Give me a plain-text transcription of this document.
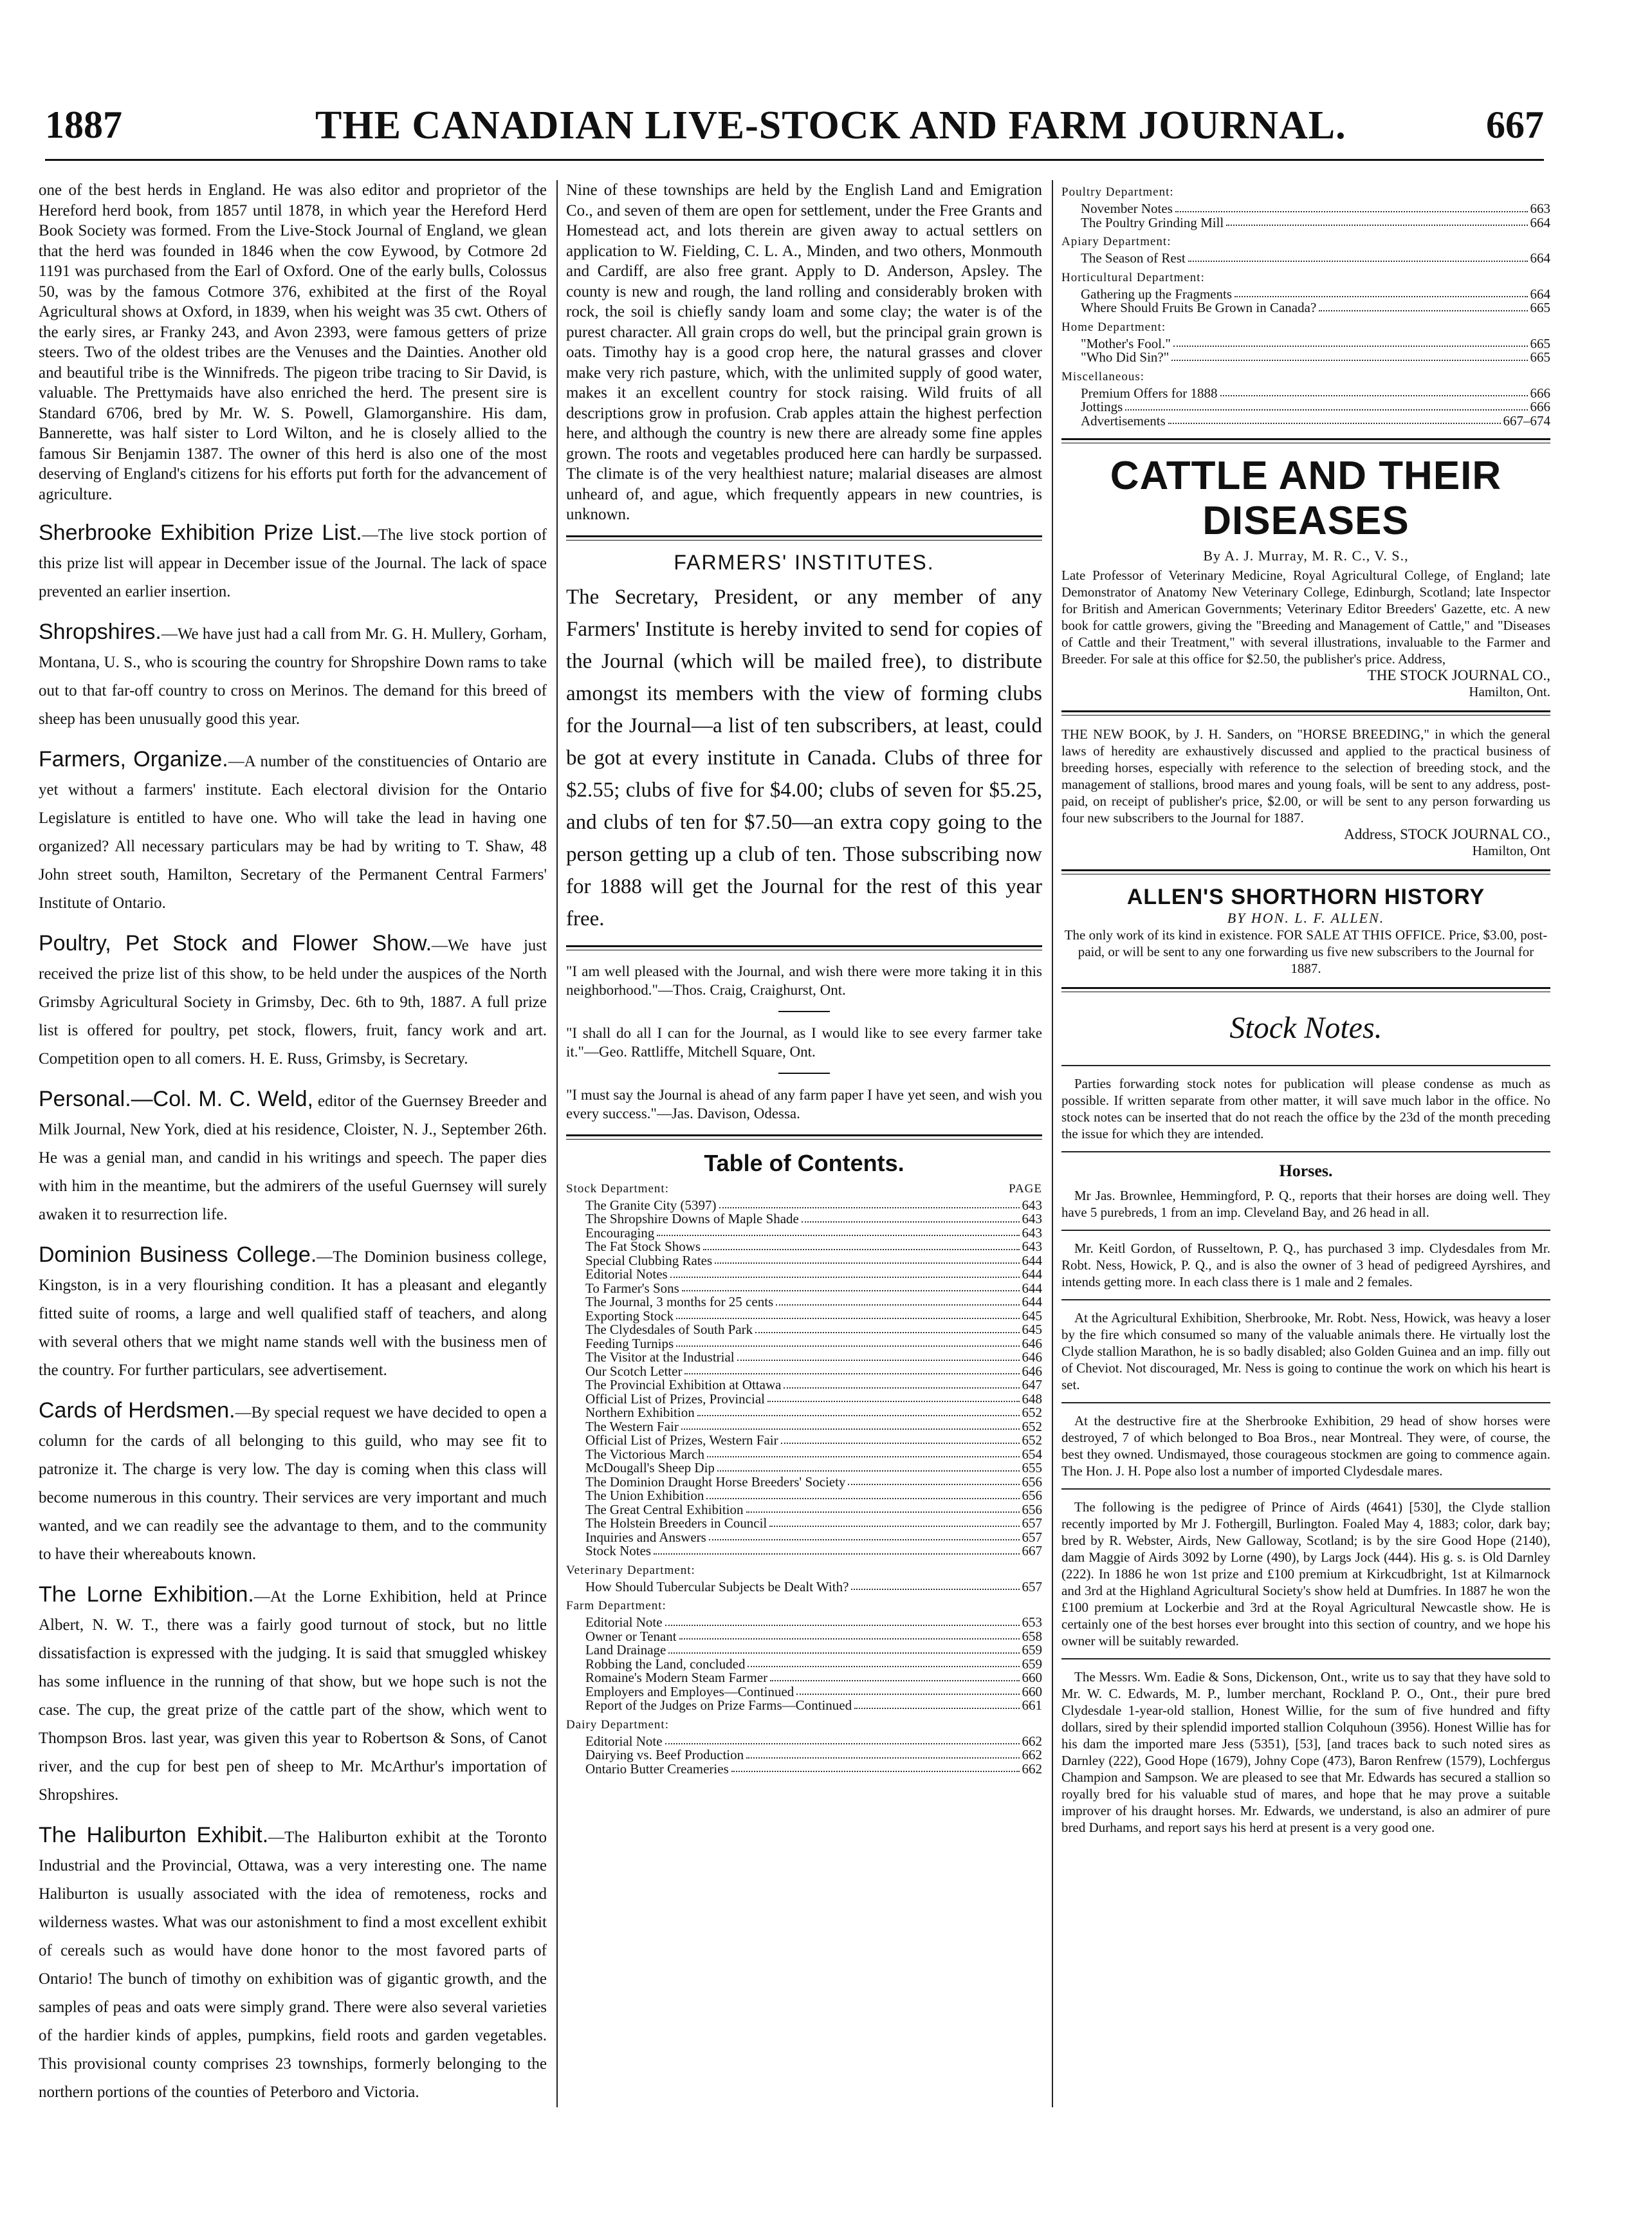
1887	THE CANADIAN LIVE-STOCK AND FARM JOURNAL.	667

one of the best herds in England. He was also editor and proprietor of the Hereford herd book, from 1857 until 1878, in which year the Hereford Herd Book Society was formed. From the Live-Stock Journal of England, we glean that the herd was founded in 1846 when the cow Eywood, by Cotmore 2d 1191 was purchased from the Earl of Oxford. One of the early bulls, Colossus 50, was by the famous Cotmore 376, exhibited at the first of the Royal Agricultural shows at Oxford, in 1839, when his weight was 35 cwt. Others of the early sires, ar Franky 243, and Avon 2393, were famous getters of prize steers. Two of the oldest tribes are the Venuses and the Dainties. Another old and beautiful tribe is the Winnifreds. The pigeon tribe tracing to Sir David, is valuable. The Prettymaids have also enriched the herd. The present sire is Standard 6706, bred by Mr. W. S. Powell, Glamorganshire. His dam, Bannerette, was half sister to Lord Wilton, and he is closely allied to the famous Sir Benjamin 1387. The owner of this herd is also one of the most deserving of England's citizens for his efforts put forth for the advancement of agriculture.

Sherbrooke Exhibition Prize List.—The live stock portion of this prize list will appear in December issue of the Journal. The lack of space prevented an earlier insertion.

Shropshires.—We have just had a call from Mr. G. H. Mullery, Gorham, Montana, U. S., who is scouring the country for Shropshire Down rams to take out to that far-off country to cross on Merinos. The demand for this breed of sheep has been unusually good this year.

Farmers, Organize.—A number of the constituencies of Ontario are yet without a farmers' institute. Each electoral division for the Ontario Legislature is entitled to have one. Who will take the lead in having one organized? All necessary particulars may be had by writing to T. Shaw, 48 John street south, Hamilton, Secretary of the Permanent Central Farmers' Institute of Ontario.

Poultry, Pet Stock and Flower Show.—We have just received the prize list of this show, to be held under the auspices of the North Grimsby Agricultural Society in Grimsby, Dec. 6th to 9th, 1887. A full prize list is offered for poultry, pet stock, flowers, fruit, fancy work and art. Competition open to all comers. H. E. Russ, Grimsby, is Secretary.

Personal.—Col. M. C. Weld, editor of the Guernsey Breeder and Milk Journal, New York, died at his residence, Cloister, N. J., September 26th. He was a genial man, and candid in his writings and speech. The paper dies with him in the meantime, but the admirers of the useful Guernsey will surely awaken it to resurrection life.

Dominion Business College.—The Dominion business college, Kingston, is in a very flourishing condition. It has a pleasant and elegantly fitted suite of rooms, a large and well qualified staff of teachers, and along with several others that we might name stands well with the business men of the country. For further particulars, see advertisement.

Cards of Herdsmen.—By special request we have decided to open a column for the cards of all belonging to this guild, who may see fit to patronize it. The charge is very low. The day is coming when this class will become numerous in this country. Their services are very important and much wanted, and we can readily see the advantage to them, and to the community to have their whereabouts known.

The Lorne Exhibition.—At the Lorne Exhibition, held at Prince Albert, N. W. T., there was a fairly good turnout of stock, but no little dissatisfaction is expressed with the judging. It is said that smuggled whiskey has some influence in the running of that show, but we hope such is not the case. The cup, the great prize of the cattle part of the show, which went to Thompson Bros. last year, was given this year to Robertson & Sons, of Canot river, and the cup for best pen of sheep to Mr. McArthur's importation of Shropshires.

The Haliburton Exhibit.—The Haliburton exhibit at the Toronto Industrial and the Provincial, Ottawa, was a very interesting one. The name Haliburton is usually associated with the idea of remoteness, rocks and wilderness wastes. What was our astonishment to find a most excellent exhibit of cereals such as would have done honor to the most favored parts of Ontario! The bunch of timothy on exhibition was of gigantic growth, and the samples of peas and oats were simply grand. There were also several varieties of the hardier kinds of apples, pumpkins, field roots and garden vegetables. This provisional county comprises 23 townships, formerly belonging to the northern portions of the counties of Peterboro and Victoria.

Nine of these townships are held by the English Land and Emigration Co., and seven of them are open for settlement, under the Free Grants and Homestead act, and lots therein are given away to actual settlers on application to W. Fielding, C. L. A., Minden, and two others, Monmouth and Cardiff, are also free grant. Apply to D. Anderson, Apsley. The county is new and rough, the land rolling and considerably broken with rock, the soil is chiefly sandy loam and some clay; the water is of the purest character. All grain crops do well, but the principal grain grown is oats. Timothy hay is a good crop here, the natural grasses and clover make very rich pasture, which, with the unlimited supply of good water, makes it an excellent country for stock raising. Wild fruits of all descriptions grow in profusion. Crab apples attain the highest perfection here, and although the country is new there are already some fine apples grown. The roots and vegetables produced here can hardly be surpassed. The climate is of the very healthiest nature; malarial diseases are almost unheard of, and ague, which frequently appears in new countries, is unknown.

FARMERS' INSTITUTES.

The Secretary, President, or any member of any Farmers' Institute is hereby invited to send for copies of the Journal (which will be mailed free), to distribute amongst its members with the view of forming clubs for the Journal—a list of ten subscribers, at least, could be got at every institute in Canada. Clubs of three for $2.55; clubs of five for $4.00; clubs of seven for $5.25, and clubs of ten for $7.50—an extra copy going to the person getting up a club of ten. Those subscribing now for 1888 will get the Journal for the rest of this year free.

"I am well pleased with the Journal, and wish there were more taking it in this neighborhood."—Thos. Craig, Craighurst, Ont.

"I shall do all I can for the Journal, as I would like to see every farmer take it."—Geo. Rattliffe, Mitchell Square, Ont.

"I must say the Journal is ahead of any farm paper I have yet seen, and wish you every success."—Jas. Davison, Odessa.

Table of Contents.
Stock Department:	PAGE
The Granite City (5397)	643
The Shropshire Downs of Maple Shade	643
Encouraging	643
The Fat Stock Shows	643
Special Clubbing Rates	644
Editorial Notes	644
To Farmer's Sons	644
The Journal, 3 months for 25 cents	644
Exporting Stock	645
The Clydesdales of South Park	645
Feeding Turnips	646
The Visitor at the Industrial	646
Our Scotch Letter	646
The Provincial Exhibition at Ottawa	647
Official List of Prizes, Provincial	648
Northern Exhibition	652
The Western Fair	652
Official List of Prizes, Western Fair	652
The Victorious March	654
McDougall's Sheep Dip	655
The Dominion Draught Horse Breeders' Society	656
The Union Exhibition	656
The Great Central Exhibition	656
The Holstein Breeders in Council	657
Inquiries and Answers	657
Stock Notes	667
Veterinary Department:
How Should Tubercular Subjects be Dealt With?	657
Farm Department:
Editorial Note	653
Owner or Tenant	658
Land Drainage	659
Robbing the Land, concluded	659
Romaine's Modern Steam Farmer	660
Employers and Employes—Continued	660
Report of the Judges on Prize Farms—Continued	661
Dairy Department:
Editorial Note	662
Dairying vs. Beef Production	662
Ontario Butter Creameries	662
Poultry Department:
November Notes	663
The Poultry Grinding Mill	664
Apiary Department:
The Season of Rest	664
Horticultural Department:
Gathering up the Fragments	664
Where Should Fruits Be Grown in Canada?	665
Home Department:
"Mother's Fool."	665
"Who Did Sin?"	665
Miscellaneous:
Premium Offers for 1888	666
Jottings	666
Advertisements	667–674
CATTLE AND THEIR DISEASES
By A. J. Murray, M. R. C., V. S.,

Late Professor of Veterinary Medicine, Royal Agricultural College, of England; late Demonstrator of Anatomy New Veterinary College, Edinburgh, Scotland; late Inspector for British and American Governments; Veterinary Editor Breeders' Gazette, etc. A new book for cattle growers, giving the "Breeding and Management of Cattle," and "Diseases of Cattle and their Treatment," with several illustrations, invaluable to the Farmer and Breeder. For sale at this office for $2.50, the publisher's price. Address,

THE STOCK JOURNAL CO.,
Hamilton, Ont.

THE NEW BOOK, by J. H. Sanders, on "HORSE BREEDING," in which the general laws of heredity are exhaustively discussed and applied to the practical business of breeding horses, especially with reference to the selection of breeding stock, and the management of stallions, brood mares and young foals, will be sent to any address, post-paid, on receipt of publisher's price, $2.00, or will be sent to any person forwarding us four new subscribers to the Journal for 1887.

Address, STOCK JOURNAL CO.,
Hamilton, Ont
ALLEN'S SHORTHORN HISTORY
BY HON. L. F. ALLEN.

The only work of its kind in existence. FOR SALE AT THIS OFFICE. Price, $3.00, post-paid, or will be sent to any one forwarding us five new subscribers to the Journal for 1887.

Stock Notes.

Parties forwarding stock notes for publication will please condense as much as possible. If written separate from other matter, it will save much labor in the office. No stock notes can be inserted that do not reach the office by the 23d of the month preceding the issue for which they are intended.

Horses.

Mr Jas. Brownlee, Hemmingford, P. Q., reports that their horses are doing well. They have 5 purebreds, 1 from an imp. Cleveland Bay, and 26 head in all.

Mr. Keitl Gordon, of Russeltown, P. Q., has purchased 3 imp. Clydesdales from Mr. Robt. Ness, Howick, P. Q., and is also the owner of 3 head of pedigreed Ayrshires, and intends getting more. In each class there is 1 male and 2 females.

At the Agricultural Exhibition, Sherbrooke, Mr. Robt. Ness, Howick, was heavy a loser by the fire which consumed so many of the valuable animals there. He virtually lost the Clyde stallion Marathon, he is so badly disabled; also Golden Guinea and an imp. filly out of Cheviot. Not discouraged, Mr. Ness is going to continue the work on which his heart is set.

At the destructive fire at the Sherbrooke Exhibition, 29 head of show horses were destroyed, 7 of which belonged to Boa Bros., near Montreal. They were, of course, the best they owned. Undismayed, those courageous stockmen are going to commence again. The Hon. J. H. Pope also lost a number of imported Clydesdale mares.

The following is the pedigree of Prince of Airds (4641) [530], the Clyde stallion recently imported by Mr J. Fothergill, Burlington. Foaled May 4, 1883; color, dark bay; bred by R. Webster, Airds, New Galloway, Scotland; is by the sire Good Hope (2140), dam Maggie of Airds 3092 by Lorne (490), by Largs Jock (444). His g. s. is Old Darnley (222). In 1886 he won 1st prize and £100 premium at Kirkcudbright, 1st at Kilmarnock and 3rd at the Highland Agricultural Society's show held at Dumfries. In 1887 he won the £100 premium at Lockerbie and 3rd at the Royal Agricultural Newcastle show. He is certainly one of the best horses ever brought into this section of country, and we hope his owner will be suitably rewarded.

The Messrs. Wm. Eadie & Sons, Dickenson, Ont., write us to say that they have sold to Mr. W. C. Edwards, M. P., lumber merchant, Rockland P. O., Ont., their pure bred Clydesdale 1-year-old stallion, Honest Willie, for the sum of five hundred and fifty dollars, sired by their splendid imported stallion Colquhoun (3956). Honest Willie has for his dam the imported mare Jess (5351), [53], [and traces back to such noted sires as Darnley (222), Good Hope (1679), Johny Cope (473), Baron Renfrew (1579), Lochfergus Champion and Sampson. We are pleased to see that Mr. Edwards has secured a stallion so royally bred for his valuable stud of mares, and hope that he may prove a suitable improver of his draught horses. Mr. Edwards, we understand, is also an admirer of pure bred Durhams, and report says his herd at present is a very good one.
